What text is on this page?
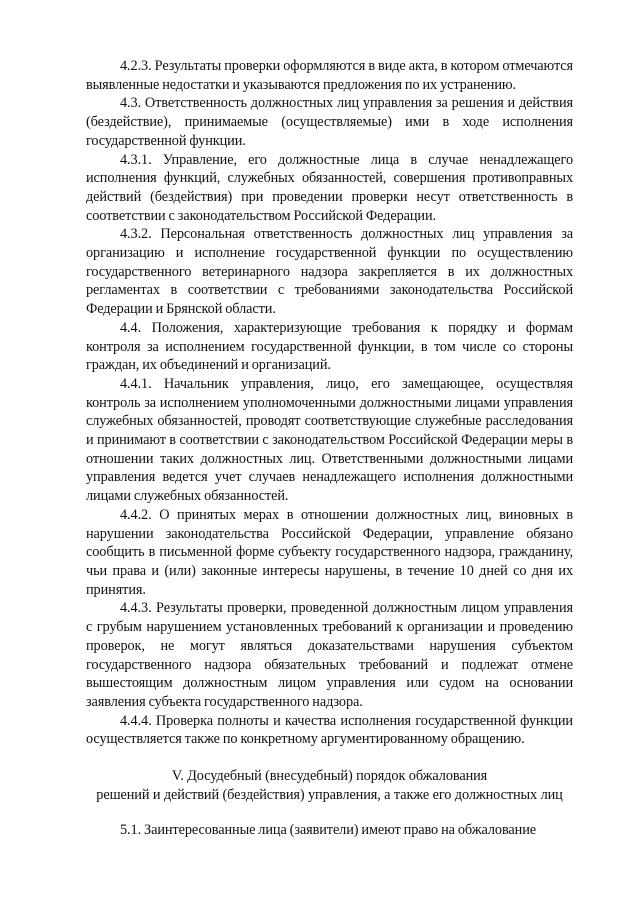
4.2.3. Результаты проверки оформляются в виде акта, в котором отмечаются выявленные недостатки и указываются предложения по их устранению.

4.3. Ответственность должностных лиц управления за решения и действия (бездействие), принимаемые (осуществляемые) ими в ходе исполнения государственной функции.

4.3.1. Управление, его должностные лица в случае ненадлежащего исполнения функций, служебных обязанностей, совершения противоправных действий (бездействия) при проведении проверки несут ответственность в соответствии с законодательством Российской Федерации.

4.3.2. Персональная ответственность должностных лиц управления за организацию и исполнение государственной функции по осуществлению государственного ветеринарного надзора закрепляется в их должностных регламентах в соответствии с требованиями законодательства Российской Федерации и Брянской области.

4.4. Положения, характеризующие требования к порядку и формам контроля за исполнением государственной функции, в том числе со стороны граждан, их объединений и организаций.

4.4.1. Начальник управления, лицо, его замещающее, осуществляя контроль за исполнением уполномоченными должностными лицами управления служебных обязанностей, проводят соответствующие служебные расследования и принимают в соответствии с законодательством Российской Федерации меры в отношении таких должностных лиц. Ответственными должностными лицами управления ведется учет случаев ненадлежащего исполнения должностными лицами служебных обязанностей.

4.4.2. О принятых мерах в отношении должностных лиц, виновных в нарушении законодательства Российской Федерации, управление обязано сообщить в письменной форме субъекту государственного надзора, гражданину, чьи права и (или) законные интересы нарушены, в течение 10 дней со дня их принятия.

4.4.3. Результаты проверки, проведенной должностным лицом управления с грубым нарушением установленных требований к организации и проведению проверок, не могут являться доказательствами нарушения субъектом государственного надзора обязательных требований и подлежат отмене вышестоящим должностным лицом управления или судом на основании заявления субъекта государственного надзора.

4.4.4. Проверка полноты и качества исполнения государственной функции осуществляется также по конкретному аргументированному обращению.

V. Досудебный (внесудебный) порядок обжалования

решений и действий (бездействия) управления, а также его должностных лиц

5.1. Заинтересованные лица (заявители) имеют право на обжалование
